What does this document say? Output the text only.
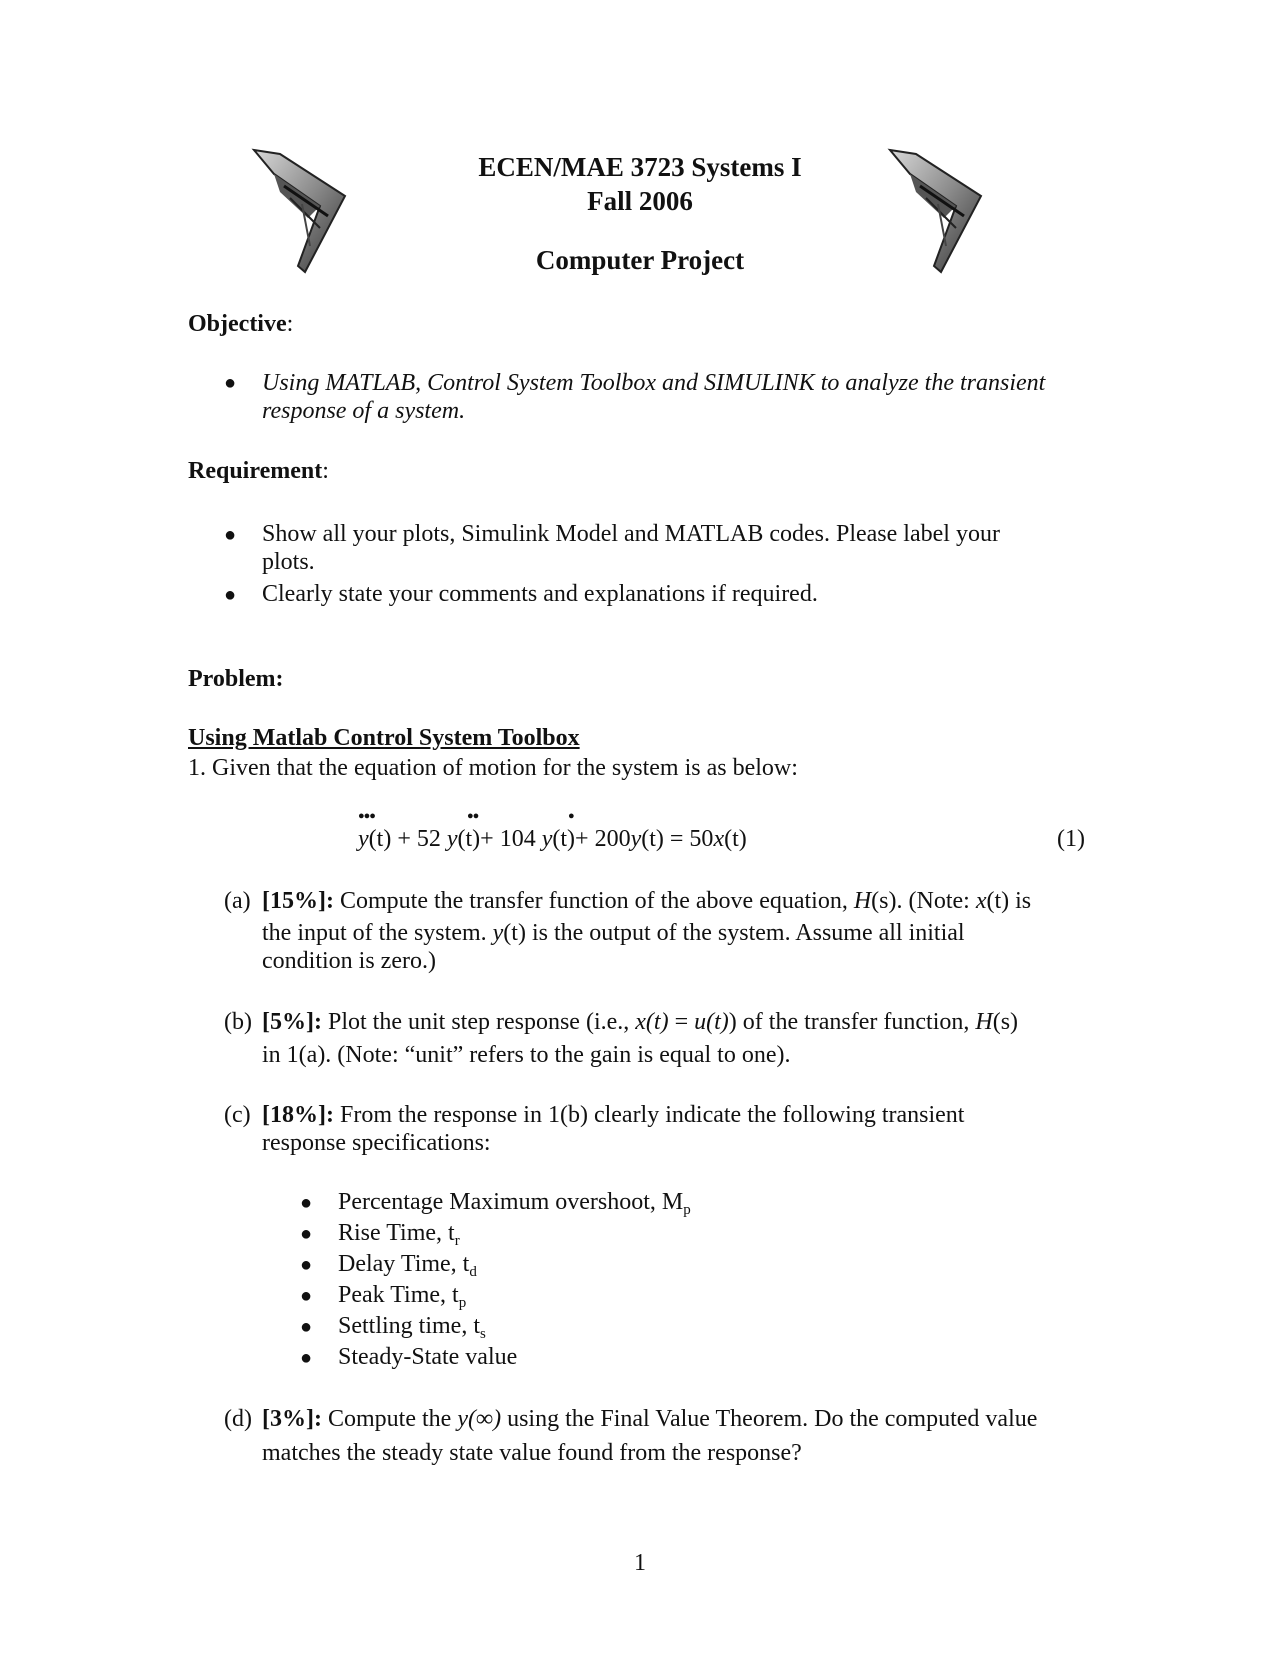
ECEN/MAE 3723 Systems I
Fall 2006
Computer Project
Objective:
● Using MATLAB, Control System Toolbox and SIMULINK to analyze the transient
response of a system.
Requirement:
● Show all your plots, Simulink Model and MATLAB codes. Please label your
plots.
● Clearly state your comments and explanations if required.
Problem:
Using Matlab Control System Toolbox
1. Given that the equation of motion for the system is as below:
●●●	●●	●
y(t) + 52 y(t)+ 104 y(t)+ 200y(t) = 50x(t)	(1)
(a) [15%]: Compute the transfer function of the above equation, H(s). (Note: x(t) is
the input of the system. y(t) is the output of the system. Assume all initial
condition is zero.)
(b) [5%]: Plot the unit step response (i.e., x(t) = u(t)) of the transfer function, H(s)
in 1(a). (Note: “unit” refers to the gain is equal to one).
(c) [18%]: From the response in 1(b) clearly indicate the following transient
response specifications:
● Percentage Maximum overshoot, $M_p$
● Rise Time, $t_r$
● Delay Time, $t_d$
● Peak Time, $t_p$
● Settling time, $t_s$
● Steady-State value
(d) [3%]: Compute the y(∞) using the Final Value Theorem. Do the computed value
matches the steady state value found from the response?
1
